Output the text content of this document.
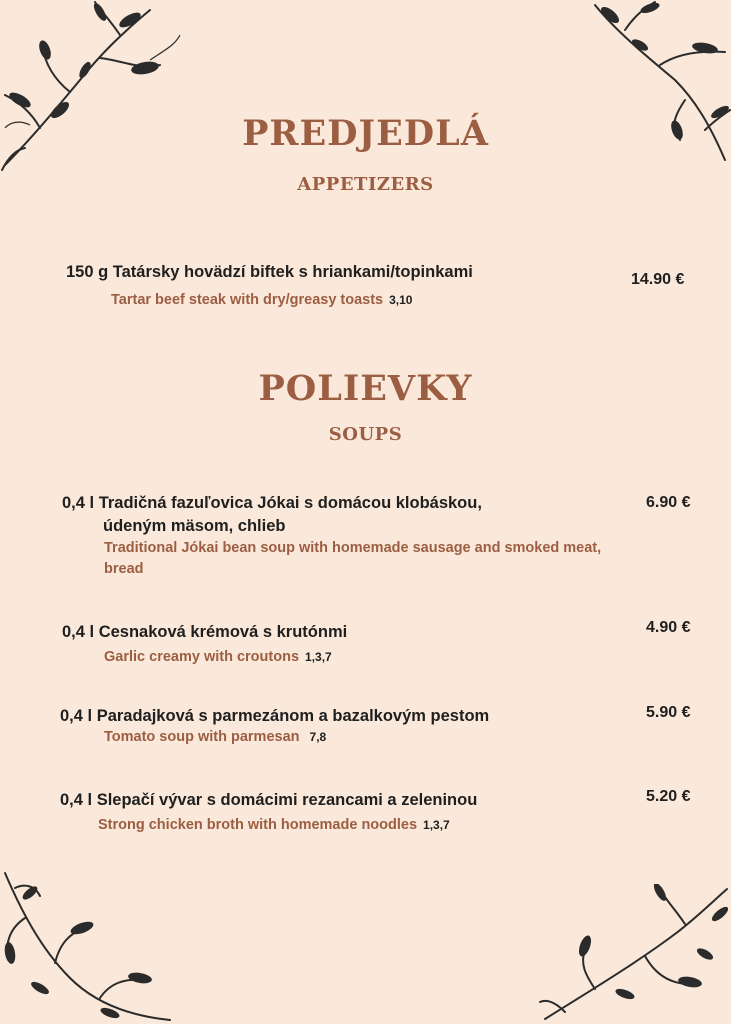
PREDJEDLÁ
APPETIZERS
150 g Tatársky hovädzí biftek s hriankami/topinkami
Tartar beef steak with dry/greasy toasts 3,10
14.90 €
POLIEVKY
SOUPS
0,4 l Tradičná fazuľovica Jókai s domácou klobáskou,
údeným mäsom, chlieb
Traditional Jókai bean soup with homemade sausage and smoked meat, bread
6.90 €
0,4 l Cesnaková krémová s krutónmi
Garlic creamy with croutons 1,3,7
4.90 €
0,4 l Paradajková s parmezánom a bazalkovým pestom
Tomato soup with parmesan 7,8
5.90 €
0,4 l Slepačí vývar s domácimi rezancami a zeleninou
Strong chicken broth with homemade noodles 1,3,7
5.20 €
